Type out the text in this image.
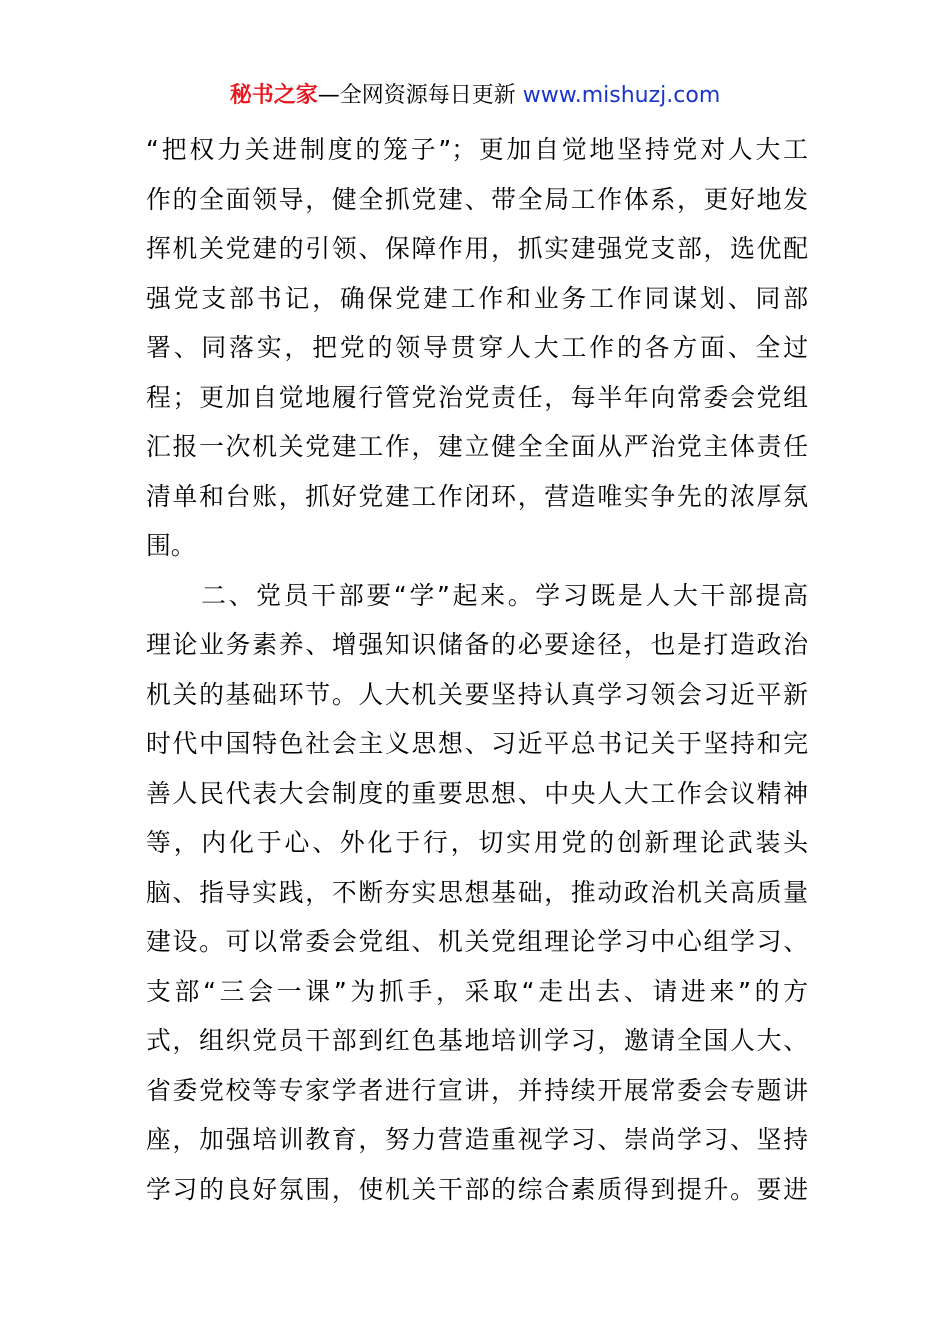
秘书之家—全网资源每日更新 www.mishuzj.com
“把权力关进制度的笼子”；更加自觉地坚持党对人大工
作的全面领导，健全抓党建、带全局工作体系，更好地发
挥机关党建的引领、保障作用，抓实建强党支部，选优配
强党支部书记，确保党建工作和业务工作同谋划、同部
署、同落实，把党的领导贯穿人大工作的各方面、全过
程；更加自觉地履行管党治党责任，每半年向常委会党组
汇报一次机关党建工作，建立健全全面从严治党主体责任
清单和台账，抓好党建工作闭环，营造唯实争先的浓厚氛
围。
　　二、党员干部要“学”起来。学习既是人大干部提高
理论业务素养、增强知识储备的必要途径，也是打造政治
机关的基础环节。人大机关要坚持认真学习领会习近平新
时代中国特色社会主义思想、习近平总书记关于坚持和完
善人民代表大会制度的重要思想、中央人大工作会议精神
等，内化于心、外化于行，切实用党的创新理论武装头
脑、指导实践，不断夯实思想基础，推动政治机关高质量
建设。可以常委会党组、机关党组理论学习中心组学习、
支部“三会一课”为抓手，采取“走出去、请进来”的方
式，组织党员干部到红色基地培训学习，邀请全国人大、
省委党校等专家学者进行宣讲，并持续开展常委会专题讲
座，加强培训教育，努力营造重视学习、崇尚学习、坚持
学习的良好氛围，使机关干部的综合素质得到提升。要进
